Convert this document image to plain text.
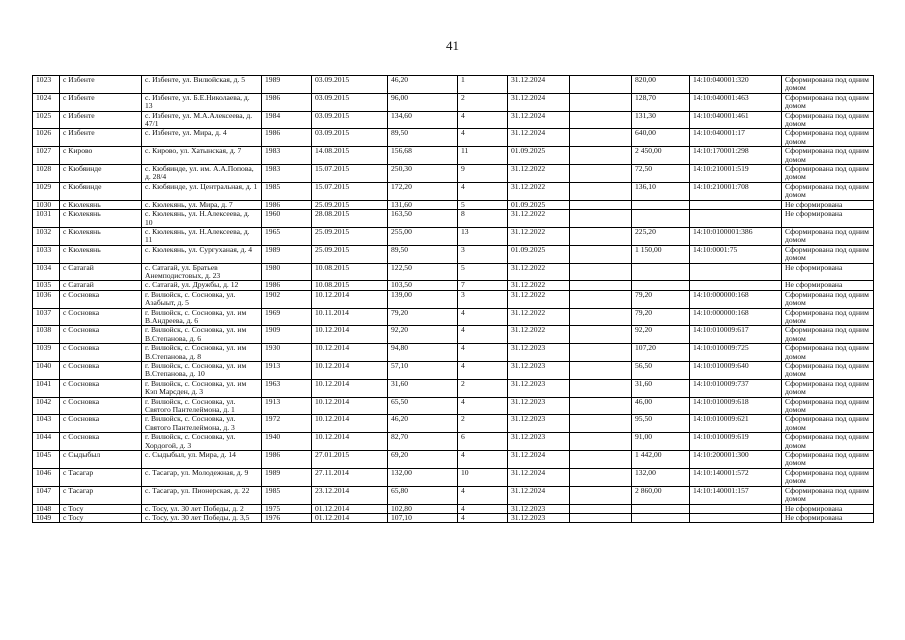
41
1023	с Избенте	с. Избенте, ул. Вилюйская, д. 5	1989	03.09.2015	46,20	1	31.12.2024		820,00	14:10:040001:320	Сформирована под одним домом
1024	с Избенте	с. Избенте, ул. Б.Е.Николаева, д. 13	1986	03.09.2015	96,00	2	31.12.2024		128,70	14:10:040001:463	Сформирована под одним домом
1025	с Избенте	с. Избенте, ул. М.А.Алексеева, д. 47/1	1984	03.09.2015	134,60	4	31.12.2024		131,30	14:10:040001:461	Сформирована под одним домом
1026	с Избенте	с. Избенте, ул. Мира, д. 4	1986	03.09.2015	89,50	4	31.12.2024		640,00	14:10:040001:17	Сформирована под одним домом
1027	с Кирово	с. Кирово, ул. Хатынская, д. 7	1983	14.08.2015	156,68	11	01.09.2025		2 450,00	14:10:170001:298	Сформирована под одним домом
1028	с Кюбяинде	с. Кюбяинде, ул. им. А.А.Попова, д. 28/4	1983	15.07.2015	250,30	9	31.12.2022		72,50	14:10:210001:519	Сформирована под одним домом
1029	с Кюбяинде	с. Кюбяинде, ул. Центральная, д. 1	1985	15.07.2015	172,20	4	31.12.2022		136,10	14:10:210001:708	Сформирована под одним домом
1030	с Кюлекянь	с. Кюлекянь, ул. Мира, д. 7	1986	25.09.2015	131,60	5	01.09.2025				Не сформирована
1031	с Кюлекянь	с. Кюлекянь, ул. Н.Алексеева, д. 10	1960	28.08.2015	163,50	8	31.12.2022				Не сформирована
1032	с Кюлекянь	с. Кюлекянь, ул. Н.Алексеева, д. 11	1965	25.09.2015	255,00	13	31.12.2022		225,20	14:10:0100001:386	Сформирована под одним домом
1033	с Кюлекянь	с. Кюлекянь, ул. Сургуханая, д. 4	1989	25.09.2015	89,50	3	01.09.2025		1 150,00	14:10:0001:75	Сформирована под одним домом
1034	с Сатагай	с. Сатагай, ул. Братьев Анемподистовых, д. 23	1980	10.08.2015	122,50	5	31.12.2022				Не сформирована
1035	с Сатагай	с. Сатагай, ул. Дружбы, д. 12	1986	10.08.2015	103,50	7	31.12.2022				Не сформирована
1036	с Сосновка	г. Вилюйск, с. Сосновка, ул. Азабыыт, д. 5	1902	10.12.2014	139,00	3	31.12.2022		79,20	14:10:000000:168	Сформирована под одним домом
1037	с Сосновка	г. Вилюйск, с. Сосновка, ул. им В.Андреева, д. 6	1969	10.11.2014	79,20	4	31.12.2022		79,20	14:10:000000:168	Сформирована под одним домом
1038	с Сосновка	г. Вилюйск, с. Сосновка, ул. им В.Степанова, д. 6	1909	10.12.2014	92,20	4	31.12.2022		92,20	14:10:010009:617	Сформирована под одним домом
1039	с Сосновка	г. Вилюйск, с. Сосновка, ул. им В.Степанова, д. 8	1930	10.12.2014	94,80	4	31.12.2023		107,20	14:10:010009:725	Сформирована под одним домом
1040	с Сосновка	г. Вилюйск, с. Сосновка, ул. им В.Степанова, д. 10	1913	10.12.2014	57,10	4	31.12.2023		56,50	14:10:010009:640	Сформирована под одним домом
1041	с Сосновка	г. Вилюйск, с. Сосновка, ул. им Кэп Марсден, д. 3	1963	10.12.2014	31,60	2	31.12.2023		31,60	14:10:010009:737	Сформирована под одним домом
1042	с Сосновка	г. Вилюйск, с. Сосновка, ул. Святого Пантелеймона, д. 1	1913	10.12.2014	65,50	4	31.12.2023		46,00	14:10:010009:618	Сформирована под одним домом
1043	с Сосновка	г. Вилюйск, с. Сосновка, ул. Святого Пантелеймона, д. 3	1972	10.12.2014	46,20	2	31.12.2023		95,50	14:10:010009:621	Сформирована под одним домом
1044	с Сосновка	г. Вилюйск, с. Сосновка, ул. Хордогой, д. 3	1940	10.12.2014	82,70	6	31.12.2023		91,00	14:10:010009:619	Сформирована под одним домом
1045	с Сыдыбыл	с. Сыдыбыл, ул. Мира, д. 14	1986	27.01.2015	69,20	4	31.12.2024		1 442,00	14:10:200001:300	Сформирована под одним домом
1046	с Тасагар	с. Тасагар, ул. Молодежная, д. 9	1989	27.11.2014	132,00	10	31.12.2024		132,00	14:10:140001:572	Сформирована под одним домом
1047	с Тасагар	с. Тасагар, ул. Пионерская, д. 22	1985	23.12.2014	65,80	4	31.12.2024		2 860,00	14:10:140001:157	Сформирована под одним домом
1048	с Тосу	с. Тосу, ул. 30 лет Победы, д. 2	1975	01.12.2014	102,80	4	31.12.2023				Не сформирована
1049	с Тосу	с. Тосу, ул. 30 лет Победы, д. 3,5	1976	01.12.2014	107,10	4	31.12.2023				Не сформирована
